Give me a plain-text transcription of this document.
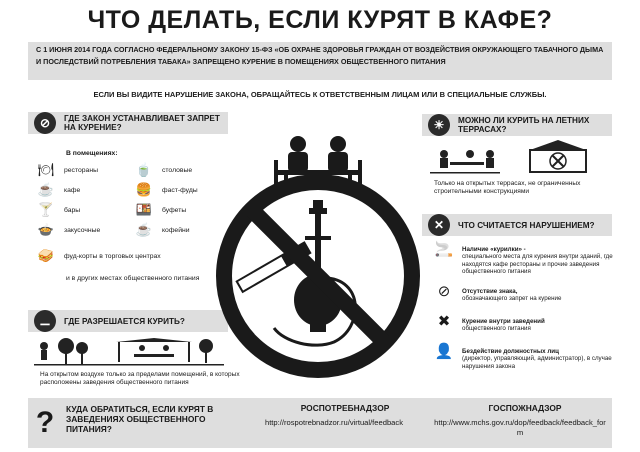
ЧТО ДЕЛАТЬ, ЕСЛИ КУРЯТ В КАФЕ?
С 1 ИЮНЯ 2014 ГОДА СОГЛАСНО ФЕДЕРАЛЬНОМУ ЗАКОНУ 15-ФЗ «ОБ ОХРАНЕ ЗДОРОВЬЯ ГРАЖДАН ОТ ВОЗДЕЙСТВИЯ ОКРУЖАЮЩЕГО ТАБАЧНОГО ДЫМА И ПОСЛЕДСТВИЙ ПОТРЕБЛЕНИЯ ТАБАКА» ЗАПРЕЩЕНО КУРЕНИЕ В ПОМЕЩЕНИЯХ ОБЩЕСТВЕННОГО ПИТАНИЯ
ЕСЛИ ВЫ ВИДИТЕ НАРУШЕНИЕ ЗАКОНА, ОБРАЩАЙТЕСЬ К ОТВЕТСТВЕННЫМ ЛИЦАМ ИЛИ В СПЕЦИАЛЬНЫЕ СЛУЖБЫ.
⊘	ГДЕ ЗАКОН УСТАНАВЛИВАЕТ ЗАПРЕТ НА КУРЕНИЕ?
В помещениях:
🍽 рестораны
☕ кафе
🍸 бары
🍲 закусочные
🍵 столовые
🍔 фаст-фуды
🍱 буфеты
☕ кофейни
🥪 фуд-корты в торговых центрах
и в других местах общественного питания
⚊	ГДЕ РАЗРЕШАЕТСЯ КУРИТЬ?
На открытом воздухе только за пределами помещений, в которых расположены заведения общественного питания
☀	МОЖНО ЛИ КУРИТЬ НА ЛЕТНИХ ТЕРРАСАХ?
Только на открытых террасах, не ограниченных строительными конструкциями
✕	ЧТО СЧИТАЕТСЯ НАРУШЕНИЕМ?
🚬	Наличие «курилки» -
специального места для курения внутри зданий, где находятся кафе рестораны и прочие заведения общественного питания
⊘	Отсутствие знака,
обозначающего запрет на курение
✖	Курение внутри заведений
общественного питания
👤	Бездействие должностных лиц
(директор, управляющий, администратор), в случае нарушения закона
? КУДА ОБРАТИТЬСЯ, ЕСЛИ КУРЯТ В ЗАВЕДЕНИЯХ ОБЩЕСТВЕННОГО ПИТАНИЯ?
РОСПОТРЕБНАДЗОР
http://rospotrebnadzor.ru/virtual/feedback
ГОСПОЖНАДЗОР
http://www.mchs.gov.ru/dop/feedback/feedback_form
